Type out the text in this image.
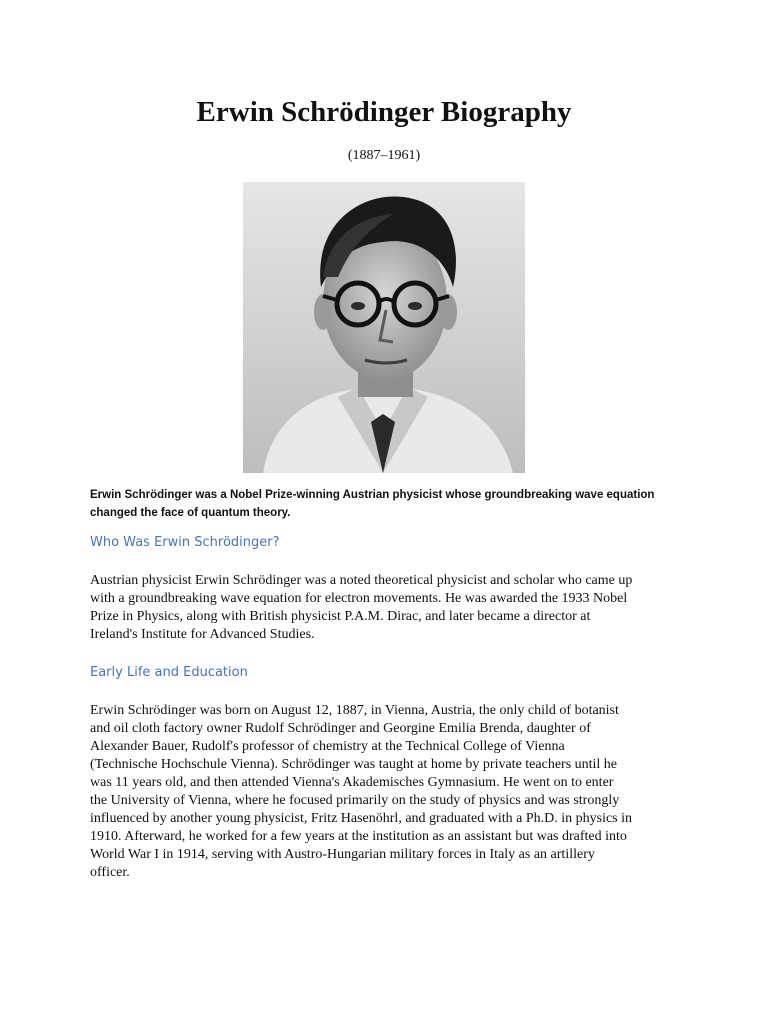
Erwin Schrödinger Biography
(1887–1961)
Erwin Schrödinger was a Nobel Prize-winning Austrian physicist whose groundbreaking wave equation
changed the face of quantum theory.
Who Was Erwin Schrödinger?

Austrian physicist Erwin Schrödinger was a noted theoretical physicist and scholar who came up
with a groundbreaking wave equation for electron movements. He was awarded the 1933 Nobel
Prize in Physics, along with British physicist P.A.M. Dirac, and later became a director at
Ireland's Institute for Advanced Studies.

Early Life and Education

Erwin Schrödinger was born on August 12, 1887, in Vienna, Austria, the only child of botanist
and oil cloth factory owner Rudolf Schrödinger and Georgine Emilia Brenda, daughter of
Alexander Bauer, Rudolf's professor of chemistry at the Technical College of Vienna
(Technische Hochschule Vienna). Schrödinger was taught at home by private teachers until he
was 11 years old, and then attended Vienna's Akademisches Gymnasium. He went on to enter
the University of Vienna, where he focused primarily on the study of physics and was strongly
influenced by another young physicist, Fritz Hasenöhrl, and graduated with a Ph.D. in physics in
1910. Afterward, he worked for a few years at the institution as an assistant but was drafted into
World War I in 1914, serving with Austro-Hungarian military forces in Italy as an artillery
officer.
